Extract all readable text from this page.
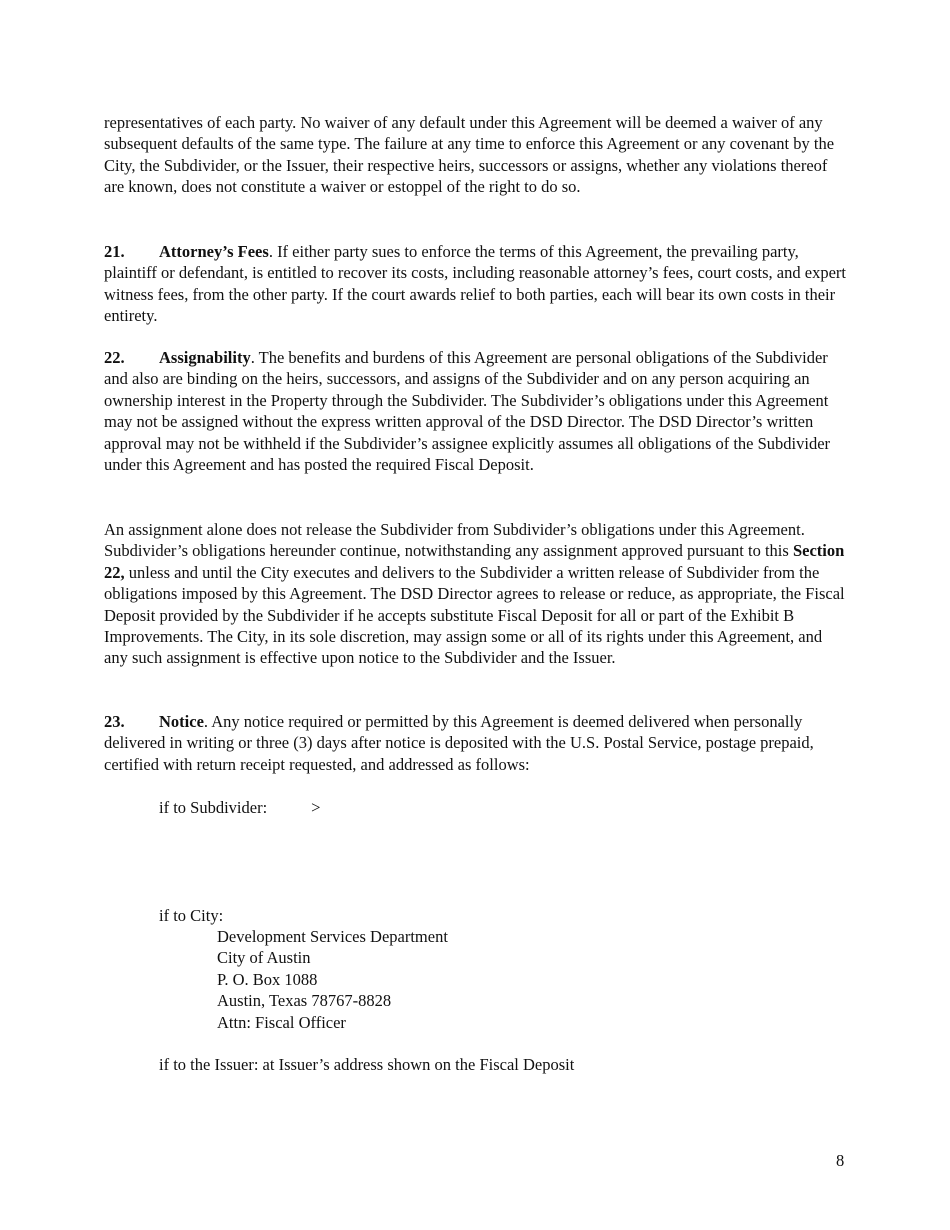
representatives of each party. No waiver of any default under this Agreement will be deemed a waiver of any subsequent defaults of the same type. The failure at any time to enforce this Agreement or any covenant by the City, the Subdivider, or the Issuer, their respective heirs, successors or assigns, whether any violations thereof are known, does not constitute a waiver or estoppel of the right to do so.

21. Attorney’s Fees. If either party sues to enforce the terms of this Agreement, the prevailing party, plaintiff or defendant, is entitled to recover its costs, including reasonable attorney’s fees, court costs, and expert witness fees, from the other party. If the court awards relief to both parties, each will bear its own costs in their entirety.

22. Assignability. The benefits and burdens of this Agreement are personal obligations of the Subdivider and also are binding on the heirs, successors, and assigns of the Subdivider and on any person acquiring an ownership interest in the Property through the Subdivider. The Subdivider’s obligations under this Agreement may not be assigned without the express written approval of the DSD Director. The DSD Director’s written approval may not be withheld if the Subdivider’s assignee explicitly assumes all obligations of the Subdivider under this Agreement and has posted the required Fiscal Deposit.

An assignment alone does not release the Subdivider from Subdivider’s obligations under this Agreement. Subdivider’s obligations hereunder continue, notwithstanding any assignment approved pursuant to this Section 22, unless and until the City executes and delivers to the Subdivider a written release of Subdivider from the obligations imposed by this Agreement. The DSD Director agrees to release or reduce, as appropriate, the Fiscal Deposit provided by the Subdivider if he accepts substitute Fiscal Deposit for all or part of the Exhibit B Improvements. The City, in its sole discretion, may assign some or all of its rights under this Agreement, and any such assignment is effective upon notice to the Subdivider and the Issuer.

23. Notice. Any notice required or permitted by this Agreement is deemed delivered when personally delivered in writing or three (3) days after notice is deposited with the U.S. Postal Service, postage prepaid, certified with return receipt requested, and addressed as follows:

if to Subdivider:	>
if to City:
Development Services Department
City of Austin
P. O. Box 1088
Austin, Texas 78767-8828
Attn: Fiscal Officer
if to the Issuer: at Issuer’s address shown on the Fiscal Deposit
8
